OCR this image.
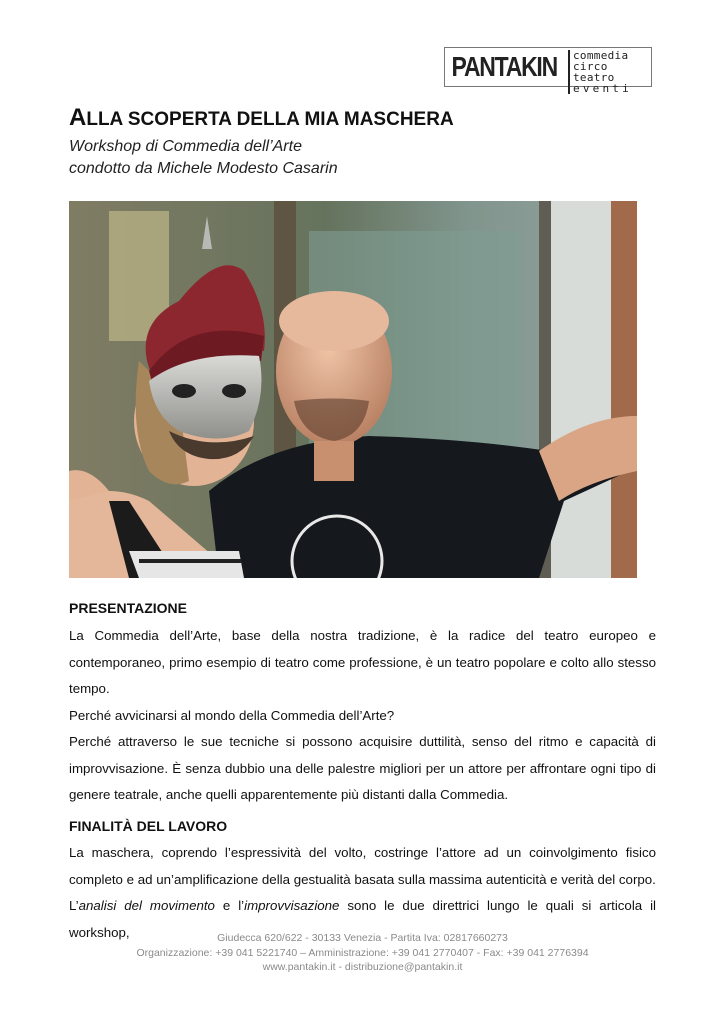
PANTAKIN commedia
circo teatro
eventi
ALLA SCOPERTA DELLA MIA MASCHERA
Workshop di Commedia dell’Arte
condotto da Michele Modesto Casarin
PRESENTAZIONE

La Commedia dell’Arte, base della nostra tradizione, è la radice del teatro europeo e contemporaneo, primo esempio di teatro come professione, è un teatro popolare e colto allo stesso tempo.

Perché avvicinarsi al mondo della Commedia dell’Arte?

Perché attraverso le sue tecniche si possono acquisire duttilità, senso del ritmo e capacità di improvvisazione. È senza dubbio una delle palestre migliori per un attore per affrontare ogni tipo di genere teatrale, anche quelli apparentemente più distanti dalla Commedia.

FINALITÀ DEL LAVORO

La maschera, coprendo l’espressività del volto, costringe l’attore ad un coinvolgimento fisico completo e ad un’amplificazione della gestualità basata sulla massima autenticità e verità del corpo.

L’analisi del movimento e l’improvvisazione sono le due direttrici lungo le quali si articola il workshop,	Giudecca 620/622 - 30133 Venezia - Partita Iva: 02817660273
Organizzazione: +39 041 5221740 – Amministrazione: +39 041 2770407 - Fax: +39 041 2776394
www.pantakin.it - distribuzione@pantakin.it
